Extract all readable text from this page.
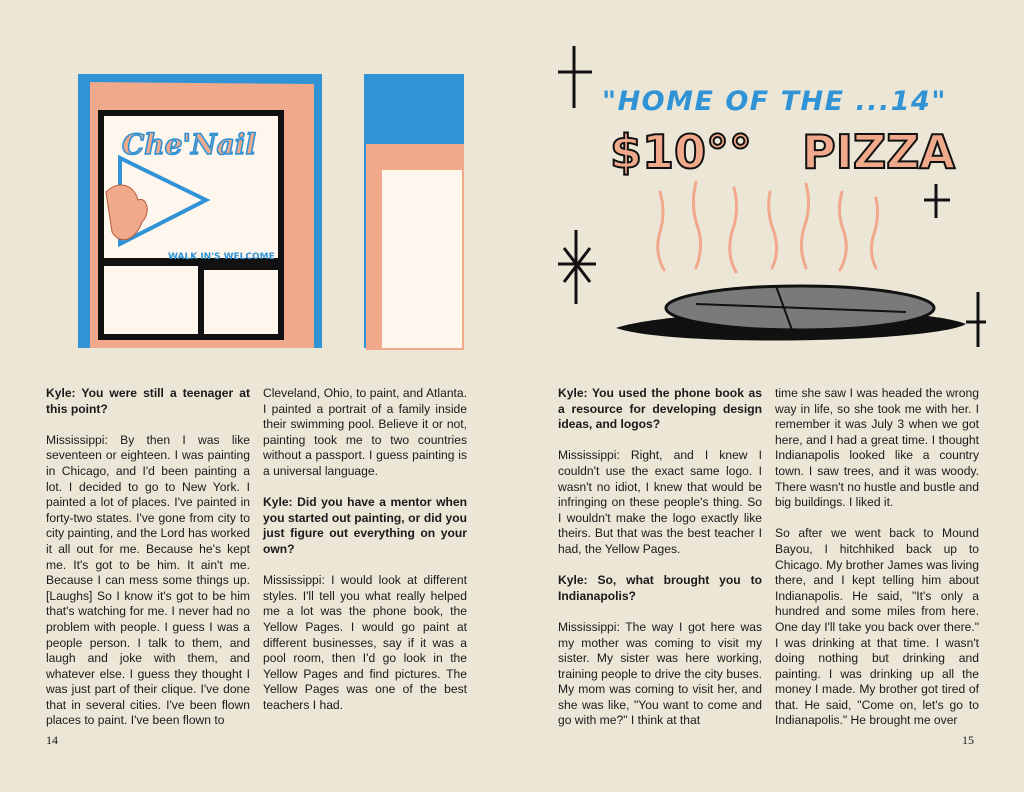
Che'Nail
WALK IN'S WELCOME

Kyle: You were still a teenager at this point?

Mississippi: By then I was like seventeen or eighteen. I was painting in Chicago, and I'd been painting a lot. I decided to go to New York. I painted a lot of places. I've painted in forty-two states. I've gone from city to city painting, and the Lord has worked it all out for me. Because he's kept me. It's got to be him. It ain't me. Because I can mess some things up. [Laughs] So I know it's got to be him that's watching for me. I never had no problem with people. I guess I was a people person. I talk to them, and laugh and joke with them, and whatever else. I guess they thought I was just part of their clique. I've done that in several cities. I've been flown places to paint. I've been flown to

Cleveland, Ohio, to paint, and Atlanta. I painted a portrait of a family inside their swimming pool. Believe it or not, painting took me to two countries without a passport. I guess painting is a universal language.

Kyle: Did you have a mentor when you started out painting, or did you just figure out everything on your own?

Mississippi: I would look at different styles. I'll tell you what really helped me a lot was the phone book, the Yellow Pages. I would go paint at different businesses, say if it was a pool room, then I'd go look in the Yellow Pages and find pictures. The Yellow Pages was one of the best teachers I had.

14
"HOME OF THE ...14"
$10°° PIZZA

Kyle: You used the phone book as a resource for developing design ideas, and logos?

Mississippi: Right, and I knew I couldn't use the exact same logo. I wasn't no idiot, I knew that would be infringing on these people's thing. So I wouldn't make the logo exactly like theirs. But that was the best teacher I had, the Yellow Pages.

Kyle: So, what brought you to Indianapolis?

Mississippi: The way I got here was my mother was coming to visit my sister. My sister was here working, training people to drive the city buses. My mom was coming to visit her, and she was like, "You want to come and go with me?" I think at that

time she saw I was headed the wrong way in life, so she took me with her. I remember it was July 3 when we got here, and I had a great time. I thought Indianapolis looked like a country town. I saw trees, and it was woody. There wasn't no hustle and bustle and big buildings. I liked it.

So after we went back to Mound Bayou, I hitchhiked back up to Chicago. My brother James was living there, and I kept telling him about Indianapolis. He said, "It's only a hundred and some miles from here. One day I'll take you back over there." I was drinking at that time. I wasn't doing nothing but drinking and painting. I was drinking up all the money I made. My brother got tired of that. He said, "Come on, let's go to Indianapolis." He brought me over

15
